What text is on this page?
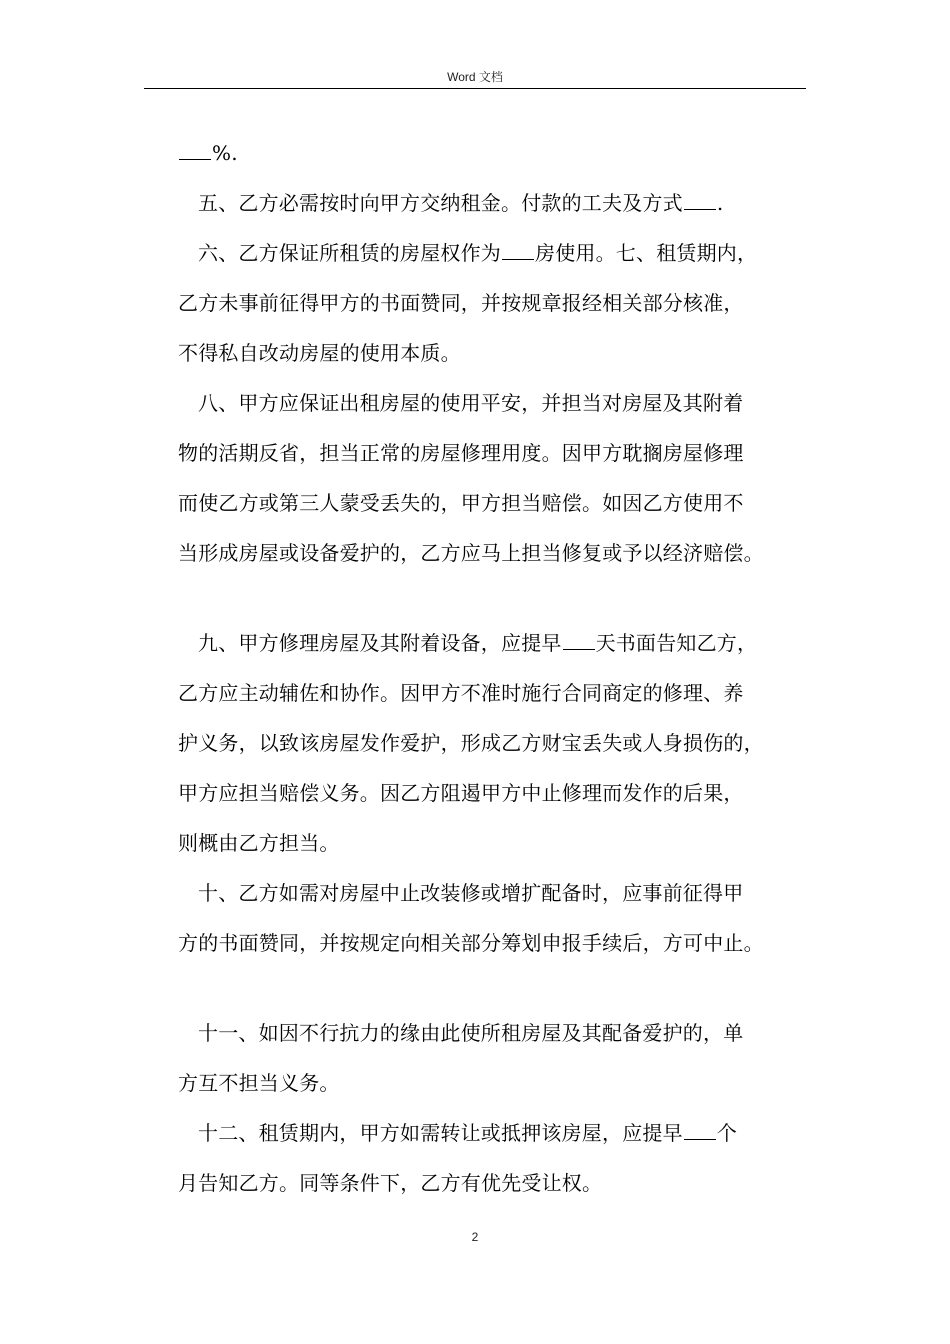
Word 文档

%.

五、乙方必需按时向甲方交纳租金。付款的工夫及方式 .

六、乙方保证所租赁的房屋权作为 房使用。七、租赁期内，

乙方未事前征得甲方的书面赞同，并按规章报经相关部分核准，

不得私自改动房屋的使用本质。

八、甲方应保证出租房屋的使用平安，并担当对房屋及其附着

物的活期反省，担当正常的房屋修理用度。因甲方耽搁房屋修理

而使乙方或第三人蒙受丢失的，甲方担当赔偿。如因乙方使用不

当形成房屋或设备爱护的，乙方应马上担当修复或予以经济赔偿。

九、甲方修理房屋及其附着设备，应提早 天书面告知乙方，

乙方应主动辅佐和协作。因甲方不准时施行合同商定的修理、养

护义务，以致该房屋发作爱护，形成乙方财宝丢失或人身损伤的，

甲方应担当赔偿义务。因乙方阻遏甲方中止修理而发作的后果，

则概由乙方担当。

十、乙方如需对房屋中止改装修或增扩配备时，应事前征得甲

方的书面赞同，并按规定向相关部分筹划申报手续后，方可中止。

十一、如因不行抗力的缘由此使所租房屋及其配备爱护的，单

方互不担当义务。

十二、租赁期内，甲方如需转让或抵押该房屋，应提早 个

月告知乙方。同等条件下，乙方有优先受让权。

2
